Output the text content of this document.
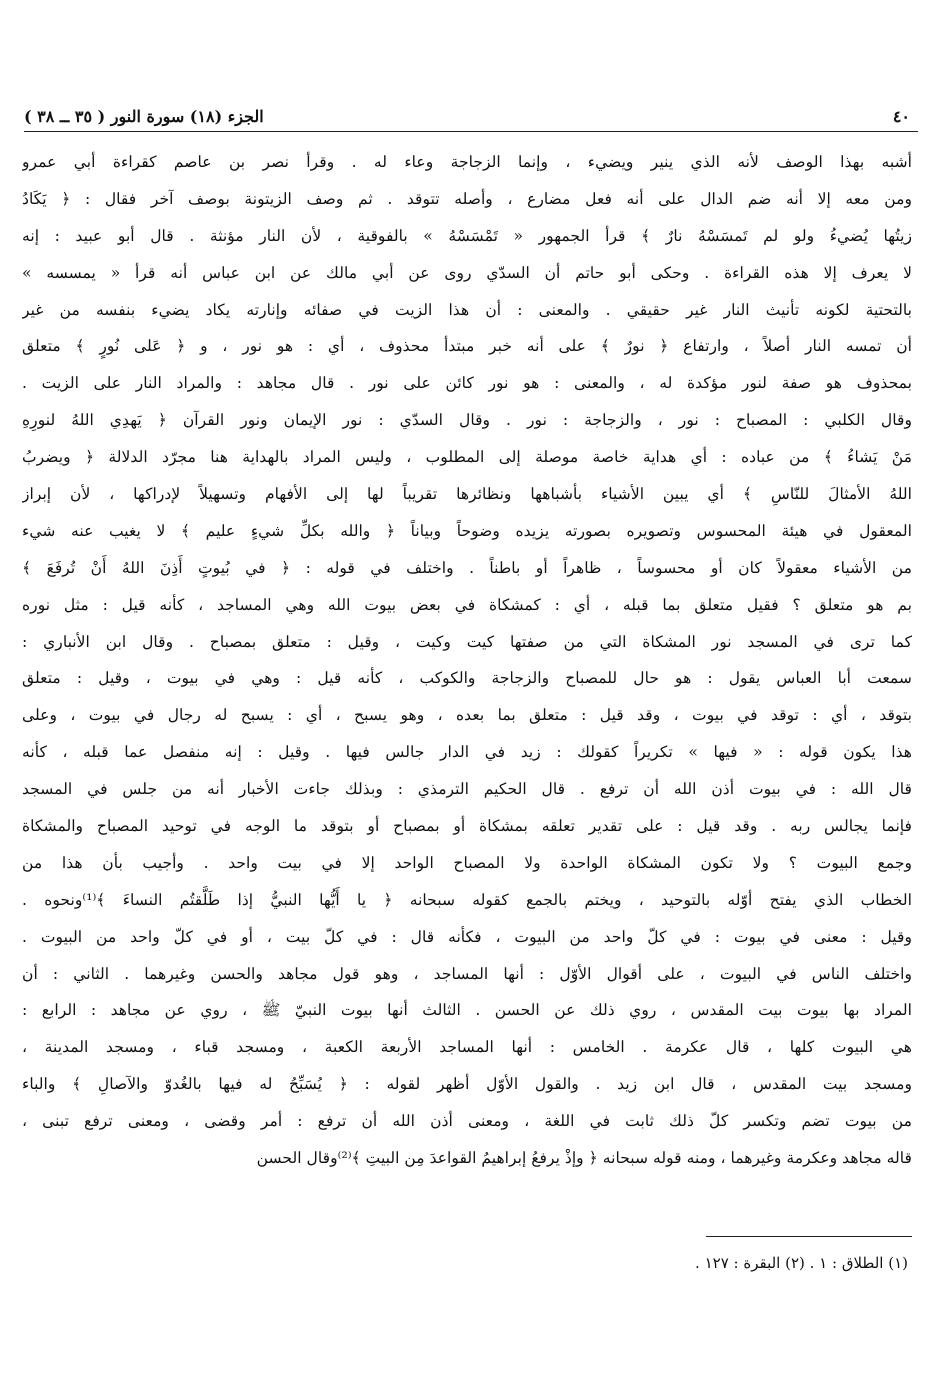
٤٠
الجزء (١٨) سورة النور ( ٣٥ ــ ٣٨ )
أشبه بهذا الوصف لأنه الذي ينير ويضيء ، وإنما الزجاجة وعاء له . وقرأ نصر بن عاصم كقراءة أبي عمرو
ومن معه إلا أنه ضم الدال على أنه فعل مضارع ، وأصله تتوقد . ثم وصف الزيتونة بوصف آخر فقال : ﴿ يَكَادُ
زيتُها يُضيءُ ولو لم تَمسَسْهُ نارٌ ﴾ قرأ الجمهور « تَمْسَسْهُ » بالفوقية ، لأن النار مؤنثة . قال أبو عبيد : إنه
لا يعرف إلا هذه القراءة . وحكى أبو حاتم أن السدّي روى عن أبي مالك عن ابن عباس أنه قرأ « يمسسه »
بالتحتية لكونه تأنيث النار غير حقيقي . والمعنى : أن هذا الزيت في صفائه وإنارته يكاد يضيء بنفسه من غير
أن تمسه النار أصلاً ، وارتفاع ﴿ نورٌ ﴾ على أنه خبر مبتدأ محذوف ، أي : هو نور ، و ﴿ عَلى نُورٍ ﴾ متعلق
بمحذوف هو صفة لنور مؤكدة له ، والمعنى : هو نور كائن على نور . قال مجاهد : والمراد النار على الزيت .
وقال الكلبي : المصباح : نور ، والزجاجة : نور . وقال السدّي : نور الإيمان ونور القرآن ﴿ يَهدِي اللهُ لنورِهِ
مَنْ يَشاءُ ﴾ من عباده : أي هداية خاصة موصلة إلى المطلوب ، وليس المراد بالهداية هنا مجرّد الدلالة ﴿ ويضربُ
اللهُ الأمثالَ للنّاسِ ﴾ أي يبين الأشياء بأشباهها ونظائرها تقريباً لها إلى الأفهام وتسهيلاً لإدراكها ، لأن إبراز
المعقول في هيئة المحسوس وتصويره بصورته يزيده وضوحاً وبياناً ﴿ والله بكلِّ شيءٍ عليم ﴾ لا يغيب عنه شيء
من الأشياء معقولاً كان أو محسوساً ، ظاهراً أو باطناً . واختلف في قوله : ﴿ في بُيوتٍ أَذِنَ اللهُ أَنْ تُرفَعَ ﴾
بم هو متعلق ؟ فقيل متعلق بما قبله ، أي : كمشكاة في بعض بيوت الله وهي المساجد ، كأنه قيل : مثل نوره
كما ترى في المسجد نور المشكاة التي من صفتها كيت وكيت ، وقيل : متعلق بمصباح . وقال ابن الأنباري :
سمعت أبا العباس يقول : هو حال للمصباح والزجاجة والكوكب ، كأنه قيل : وهي في بيوت ، وقيل : متعلق
بتوقد ، أي : توقد في بيوت ، وقد قيل : متعلق بما بعده ، وهو يسبح ، أي : يسبح له رجال في بيوت ، وعلى
هذا يكون قوله : « فيها » تكريراً كقولك : زيد في الدار جالس فيها . وقيل : إنه منفصل عما قبله ، كأنه
قال الله : في بيوت أذن الله أن ترفع . قال الحكيم الترمذي : وبذلك جاءت الأخبار أنه من جلس في المسجد
فإنما يجالس ربه . وقد قيل : على تقدير تعلقه بمشكاة أو بمصباح أو بتوقد ما الوجه في توحيد المصباح والمشكاة
وجمع البيوت ؟ ولا تكون المشكاة الواحدة ولا المصباح الواحد إلا في بيت واحد . وأجيب بأن هذا من
الخطاب الذي يفتح أوّله بالتوحيد ، ويختم بالجمع كقوله سبحانه ﴿ يا أَيُّها النبيُّ إذا طَلَّقتُم النساءَ ﴾⁽¹⁾ونحوه .
وقيل : معنى في بيوت : في كلّ واحد من البيوت ، فكأنه قال : في كلّ بيت ، أو في كلّ واحد من البيوت .
واختلف الناس في البيوت ، على أقوال الأوّل : أنها المساجد ، وهو قول مجاهد والحسن وغيرهما . الثاني : أن
المراد بها بيوت بيت المقدس ، روي ذلك عن الحسن . الثالث أنها بيوت النبيّ ﷺ ، روي عن مجاهد : الرابع :
هي البيوت كلها ، قال عكرمة . الخامس : أنها المساجد الأربعة الكعبة ، ومسجد قباء ، ومسجد المدينة ،
ومسجد بيت المقدس ، قال ابن زيد . والقول الأوّل أظهر لقوله : ﴿ يُسَبِّحُ له فيها بالغُدوّ والآصالِ ﴾ والباء
من بيوت تضم وتكسر كلّ ذلك ثابت في اللغة ، ومعنى أذن الله أن ترفع : أمر وقضى ، ومعنى ترفع تبنى ،
قاله مجاهد وعكرمة وغيرهما ، ومنه قوله سبحانه ﴿ وإذْ يرفعُ إبراهيمُ القواعدَ مِن البيتِ ﴾⁽²⁾وقال الحسن
(١) الطلاق : ١ . (٢) البقرة : ١٢٧ .
